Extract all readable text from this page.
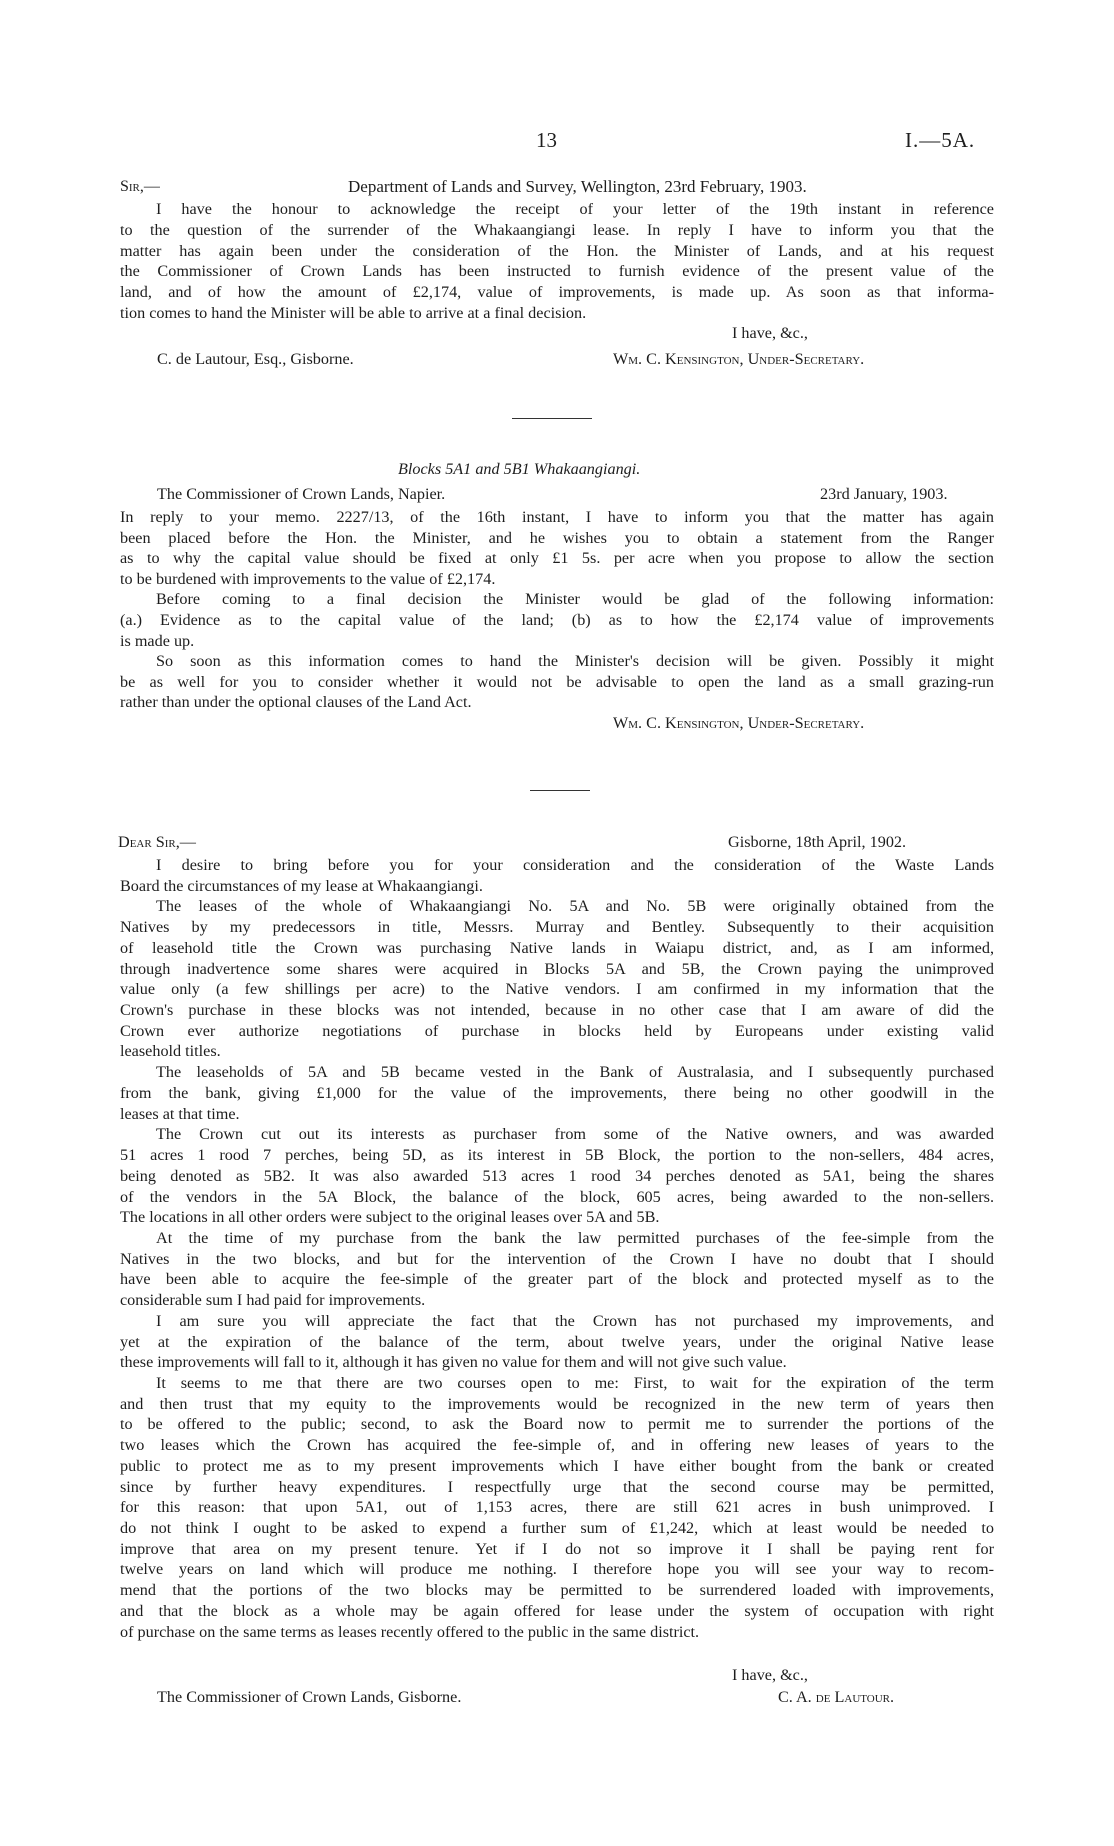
13	I.—5A.
Sir,—	Department of Lands and Survey, Wellington, 23rd February, 1903.
I have the honour to acknowledge the receipt of your letter of the 19th instant in reference
to the question of the surrender of the Whakaangiangi lease. In reply I have to inform you that the
matter has again been under the consideration of the Hon. the Minister of Lands, and at his request
the Commissioner of Crown Lands has been instructed to furnish evidence of the present value of the
land, and of how the amount of £2,174, value of improvements, is made up. As soon as that informa-
tion comes to hand the Minister will be able to arrive at a final decision.
I have, &c.,
C. de Lautour, Esq., Gisborne.	Wm. C. Kensington, Under-Secretary.
Blocks 5A1 and 5B1 Whakaangiangi.
The Commissioner of Crown Lands, Napier.	23rd January, 1903.
In reply to your memo. 2227/13, of the 16th instant, I have to inform you that the matter has again
been placed before the Hon. the Minister, and he wishes you to obtain a statement from the Ranger
as to why the capital value should be fixed at only £1 5s. per acre when you propose to allow the section
to be burdened with improvements to the value of £2,174.
Before coming to a final decision the Minister would be glad of the following information:
(a.) Evidence as to the capital value of the land; (b) as to how the £2,174 value of improvements
is made up.
So soon as this information comes to hand the Minister's decision will be given. Possibly it might
be as well for you to consider whether it would not be advisable to open the land as a small grazing-run
rather than under the optional clauses of the Land Act.
Wm. C. Kensington, Under-Secretary.
Dear Sir,—	Gisborne, 18th April, 1902.
I desire to bring before you for your consideration and the consideration of the Waste Lands
Board the circumstances of my lease at Whakaangiangi.
The leases of the whole of Whakaangiangi No. 5A and No. 5B were originally obtained from the
Natives by my predecessors in title, Messrs. Murray and Bentley. Subsequently to their acquisition
of leasehold title the Crown was purchasing Native lands in Waiapu district, and, as I am informed,
through inadvertence some shares were acquired in Blocks 5A and 5B, the Crown paying the unimproved
value only (a few shillings per acre) to the Native vendors. I am confirmed in my information that the
Crown's purchase in these blocks was not intended, because in no other case that I am aware of did the
Crown ever authorize negotiations of purchase in blocks held by Europeans under existing valid
leasehold titles.
The leaseholds of 5A and 5B became vested in the Bank of Australasia, and I subsequently purchased
from the bank, giving £1,000 for the value of the improvements, there being no other goodwill in the
leases at that time.
The Crown cut out its interests as purchaser from some of the Native owners, and was awarded
51 acres 1 rood 7 perches, being 5D, as its interest in 5B Block, the portion to the non-sellers, 484 acres,
being denoted as 5B2. It was also awarded 513 acres 1 rood 34 perches denoted as 5A1, being the shares
of the vendors in the 5A Block, the balance of the block, 605 acres, being awarded to the non-sellers.
The locations in all other orders were subject to the original leases over 5A and 5B.
At the time of my purchase from the bank the law permitted purchases of the fee-simple from the
Natives in the two blocks, and but for the intervention of the Crown I have no doubt that I should
have been able to acquire the fee-simple of the greater part of the block and protected myself as to the
considerable sum I had paid for improvements.
I am sure you will appreciate the fact that the Crown has not purchased my improvements, and
yet at the expiration of the balance of the term, about twelve years, under the original Native lease
these improvements will fall to it, although it has given no value for them and will not give such value.
It seems to me that there are two courses open to me: First, to wait for the expiration of the term
and then trust that my equity to the improvements would be recognized in the new term of years then
to be offered to the public; second, to ask the Board now to permit me to surrender the portions of the
two leases which the Crown has acquired the fee-simple of, and in offering new leases of years to the
public to protect me as to my present improvements which I have either bought from the bank or created
since by further heavy expenditures. I respectfully urge that the second course may be permitted,
for this reason: that upon 5A1, out of 1,153 acres, there are still 621 acres in bush unimproved. I
do not think I ought to be asked to expend a further sum of £1,242, which at least would be needed to
improve that area on my present tenure. Yet if I do not so improve it I shall be paying rent for
twelve years on land which will produce me nothing. I therefore hope you will see your way to recom-
mend that the portions of the two blocks may be permitted to be surrendered loaded with improvements,
and that the block as a whole may be again offered for lease under the system of occupation with right
of purchase on the same terms as leases recently offered to the public in the same district.
I have, &c.,
The Commissioner of Crown Lands, Gisborne.	C. A. de Lautour.
